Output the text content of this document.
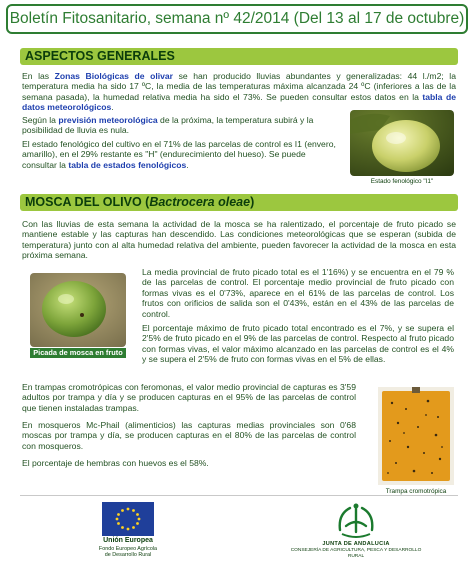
Boletín Fitosanitario, semana nº 42/2014 (Del 13 al 17 de octubre)
ASPECTOS GENERALES
En las Zonas Biológicas de olivar se han producido lluvias abundantes y generalizadas: 44 l./m2; la temperatura media ha sido 17 ºC, la media de las temperaturas máxima alcanzada 24 ºC (inferiores a las de la semana pasada), la humedad relativa media ha sido el 73%. Se pueden consultar estos datos en la tabla de datos meteorológicos.
Según la previsión meteorológica de la próxima, la temperatura subirá y la posibilidad de lluvia es nula.
El estado fenológico del cultivo en el 71% de las parcelas de control es I1 (envero, amarillo), en el 29% restante es "H" (endurecimiento del hueso). Se puede consultar la tabla de estados fenológicos.
Estado fenológico "I1"
MOSCA DEL OLIVO (Bactrocera oleae)
Con las lluvias de esta semana la actividad de la mosca se ha ralentizado, el porcentaje de fruto picado se mantiene estable y las capturas han descendido. Las condiciones meteorológicas que se esperan (subida de temperatura) junto con al alta humedad relativa del ambiente, pueden favorecer la actividad de la mosca en esta próxima semana.
Picada de mosca en fruto
La media provincial de fruto picado total es el 1'16%) y se encuentra en el 79 % de las parcelas de control. El porcentaje medio provincial de fruto picado con formas vivas es el 0'73%, aparece en el 61% de las parcelas de control. Los frutos con orificios de salida son el 0'43%, están en el 43% de las parcelas de control.
El porcentaje máximo de fruto picado total encontrado es el 7%, y se supera el 2'5% de fruto picado en el 9% de las parcelas de control. Respecto al fruto picado con formas vivas, el valor máximo alcanzado en las parcelas de control es el 4% y se supera el 2'5% de fruto con formas vivas en el 5% de ellas.
En trampas cromotrópicas con feromonas, el valor medio provincial de capturas es 3'59 adultos por trampa y día y se producen capturas en el 95% de las parcelas de control que tienen instaladas trampas.
En mosqueros Mc-Phail (alimenticios) las capturas medias provinciales son 0'68 moscas por trampa y día, se producen capturas en el 80% de las parcelas de control con mosqueros.
El porcentaje de hembras con huevos es el 58%.
Trampa cromotrópica
Unión Europea
Fondo Europeo Agrícola
de Desarrollo Rural
JUNTA DE ANDALUCIA
CONSEJERÍA DE AGRICULTURA, PESCA Y DESARROLLO RURAL
